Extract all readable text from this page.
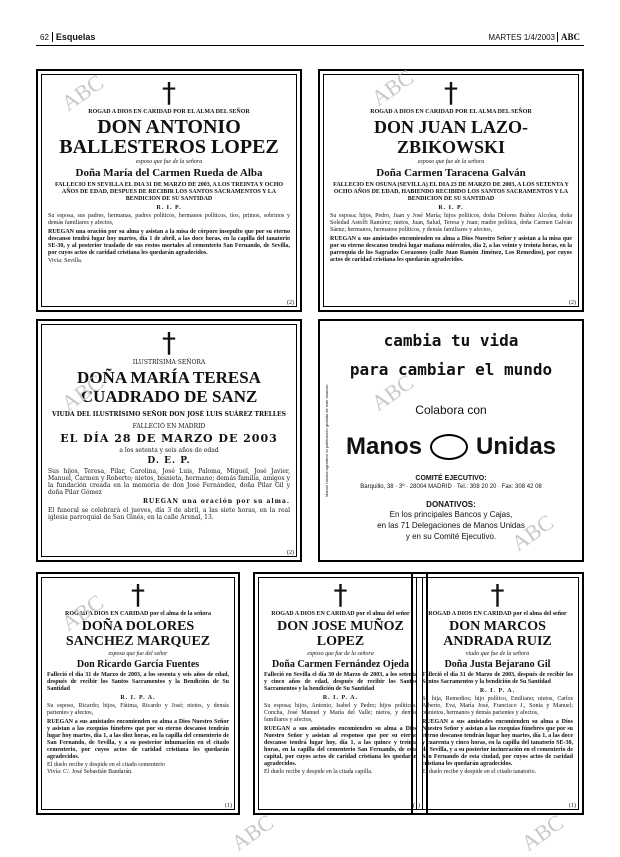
62 Esquelas	MARTES 1/4/2003 ABC
†
ROGAD A DIOS EN CARIDAD POR EL ALMA DEL SEÑOR
DON ANTONIO BALLESTEROS LOPEZ
esposo que fue de la señora
Doña María del Carmen Rueda de Alba
FALLECIO EN SEVILLA EL DIA 31 DE MARZO DE 2003, A LOS TREINTA Y OCHO AÑOS DE EDAD, DESPUES DE RECIBIR LOS SANTOS SACRAMENTOS Y LA BENDICION DE SU SANTIDAD
R. I. P.
Su esposa, sus padres, hermanas, padres políticos, hermanos políticos, tíos, primos, sobrinos y demás familiares y afectos,
RUEGAN una oración por su alma y asistan a la misa de córpore insepulto que por su eterno descanso tendrá lugar hoy martes, día 1 de abril, a las doce horas, en la capilla del tanatorio SE-30, y al posterior traslado de sus restos mortales al cementerio San Fernando, de Sevilla, por cuyos actos de caridad cristiana les quedarán agradecidos.
Vivía: Sevilla.
(2)
†
ROGAD A DIOS EN CARIDAD POR EL ALMA DEL SEÑOR
DON JUAN LAZO-ZBIKOWSKI
esposo que fue de la señora
Doña Carmen Taracena Galván
FALLECIO EN OSUNA (SEVILLA) EL DIA 23 DE MARZO DE 2003, A LOS SETENTA Y OCHO AÑOS DE EDAD, HABIENDO RECIBIDO LOS SANTOS SACRAMENTOS Y LA BENDICION DE SU SANTIDAD
R. I. P.
Su esposa; hijos, Pedro, Juan y José María; hijos políticos, doña Dolores Ibáñez Alcolea, doña Soledad Astolfi Ramírez; nietos, Juan, Salud, Teresa y Juan; madre política, doña Carmen Galván Sáenz; hermanos, hermanos políticos, y demás familiares y afectos,
RUEGAN a sus amistades encomienden su alma a Dios Nuestro Señor y asistan a la misa que por su eterno descanso tendrá lugar mañana miércoles, día 2, a las veinte y treinta horas, en la parroquia de los Sagrados Corazones (calle Juan Ramón Jiménez, Los Remedios), por cuyos actos de caridad cristiana les quedarán agradecidos.
(2)
†
ILUSTRÍSIMA SEÑORA
DOÑA MARÍA TERESA CUADRADO DE SANZ
VIUDA DEL ILUSTRÍSIMO SEÑOR DON JOSÉ LUIS SUÁREZ TRELLES
FALLECIÓ EN MADRID
EL DÍA 28 DE MARZO DE 2003
a los setenta y seis años de edad
D. E. P.
Sus hijos, Teresa, Pilar, Carolina, José Luis, Paloma, Miguel, José Javier, Manuel, Carmen y Roberto; nietos, bisnieta, hermano; demás familia, amigos y la fundación creada en la memoria de don José Fernández, doña Pilar Gil y doña Pilar Gómez
RUEGAN una oración por su alma.
El funeral se celebrará el jueves, día 3 de abril, a las siete horas, en la real iglesia parroquial de San Ginés, en la calle Arenal, 13.
(2)
Manos Unidas agradece la publicación gratuita de este anuncio
cambia tu vida
para cambiar el mundo
Colabora con
Manos Unidas
COMITÉ EJECUTIVO:
Barquillo, 38 · 3º · 28004 MADRID · Tel.: 308 20 20 · Fax: 308 42 08
DONATIVOS:
En los principales Bancos y Cajas,
en las 71 Delegaciones de Manos Unidas
y en su Comité Ejecutivo.
†
ROGAD A DIOS EN CARIDAD por el alma de la señora
DOÑA DOLORES SANCHEZ MARQUEZ
esposa que fue del señor
Don Ricardo García Fuentes
Falleció el día 31 de Marzo de 2003, a los sesenta y seis años de edad, después de recibir los Santos Sacramentos y la Bendición de Su Santidad
R. I. P. A.
Su esposo, Ricardo; hijos, Fátima, Ricardo y José; nietos, y demás parientes y afectos,
RUEGAN a sus amistades encomienden su alma a Dios Nuestro Señor y asistan a las exequias fúnebres que por su eterno descanso tendrán lugar hoy martes, día 1, a las diez horas, en la capilla del cementerio de San Fernando, de Sevilla, y a su posterior inhumación en el citado cementerio, por cuyos actos de caridad cristiana les quedarán agradecidos.
El duelo recibe y despide en el citado cementerio
Vivía: C/. José Sebastián Bandarán.
(1)
†
ROGAD A DIOS EN CARIDAD por el alma del señor
DON JOSE MUÑOZ LOPEZ
esposo que fue de la señora
Doña Carmen Fernández Ojeda
Falleció en Sevilla el día 30 de Marzo de 2003, a los setenta y cinco años de edad, después de recibir los Santos Sacramentos y la bendición de Su Santidad
R. I. P. A.
Su esposa; hijos, Antonio, Isabel y Pedro; hijos políticos, Concha, José Manuel y María del Valle; nietos, y demás familiares y afectos,
RUEGAN a sus amistades encomienden su alma a Dios Nuestro Señor y asistan al responso que por su eterno descanso tendrá lugar hoy, día 1, a las quince y treinta horas, en la capilla del cementerio San Fernando, de esta capital, por cuyos actos de caridad cristiana les quedarán agradecidos.
El duelo recibe y despide en la citada capilla.
(1)
†
ROGAD A DIOS EN CARIDAD por el alma del señor
DON MARCOS ANDRADA RUIZ
viudo que fue de la señora
Doña Justa Bejarano Gil
Falleció el día 31 de Marzo de 2003, después de recibir los Santos Sacramentos y la bendición de Su Santidad
R. I. P. A.
Su hija, Remedios; hijo político, Emiliano; nietos, Carlos Alberto, Eva, María José, Francisco J., Sonia y Manuel; bisnietos, hermanos y demás parientes y afectos,
RUEGAN a sus amistades encomienden su alma a Dios Nuestro Señor y asistan a las exequias fúnebres que por su eterno descanso tendrán lugar hoy martes, día 1, a las doce y cuarenta y cinco horas, en la capilla del tanatorio SE-30, de Sevilla, y a su posterior incineración en el cementerio de San Fernando de esta ciudad, por cuyos actos de caridad cristiana les quedarán agradecidos.
El duelo recibe y despide en el citado tanatorio.
(1)
ABC	ABC
ABC	ABC
ABC
ABC
ABC	ABC
